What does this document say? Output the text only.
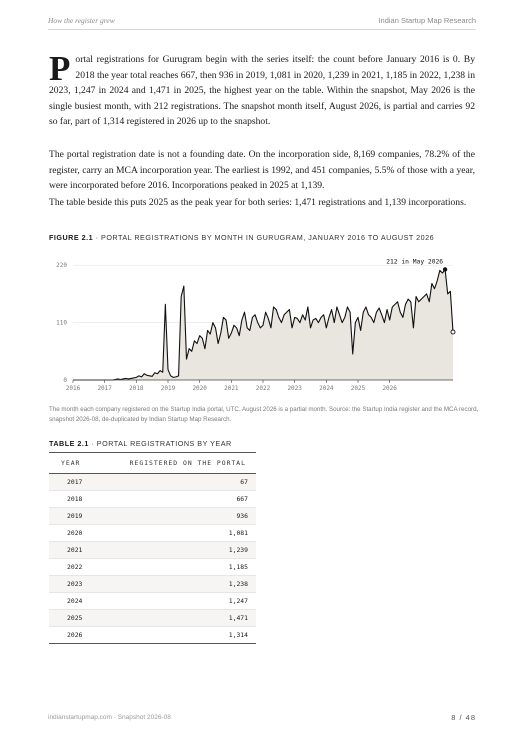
How the register grew	Indian Startup Map Research

Portal registrations for Gurugram begin with the series itself: the count before January 2016 is 0. By 2018 the year total reaches 667, then 936 in 2019, 1,081 in 2020, 1,239 in 2021, 1,185 in 2022, 1,238 in 2023, 1,247 in 2024 and 1,471 in 2025, the highest year on the table. Within the snapshot, May 2026 is the single busiest month, with 212 registrations. The snapshot month itself, August 2026, is partial and carries 92 so far, part of 1,314 registered in 2026 up to the snapshot.

The portal registration date is not a founding date. On the incorporation side, 8,169 companies, 78.2% of the register, carry an MCA incorporation year. The earliest is 1992, and 451 companies, 5.5% of those with a year, were incorporated before 2016. Incorporations peaked in 2025 at 1,139.

The table beside this puts 2025 as the peak year for both series: 1,471 registrations and 1,139 incorporations.

FIGURE 2.1 · PORTAL REGISTRATIONS BY MONTH IN GURUGRAM, JANUARY 2016 TO AUGUST 2026
0
110
220
2016	2017	2018	2019	2020	2021	2022	2023	2024	2025	2026
212 in May 2026

The month each company registered on the Startup India portal, UTC. August 2026 is a partial month. Source: the Startup India register and the MCA record, snapshot 2026-08, de-duplicated by Indian Startup Map Research.

TABLE 2.1 · PORTAL REGISTRATIONS BY YEAR
YEAR	REGISTERED ON THE PORTAL
2017	67
2018	667
2019	936
2020	1,081
2021	1,239
2022	1,185
2023	1,238
2024	1,247
2025	1,471
2026	1,314
indianstartupmap.com · Snapshot 2026-08	8 / 48
